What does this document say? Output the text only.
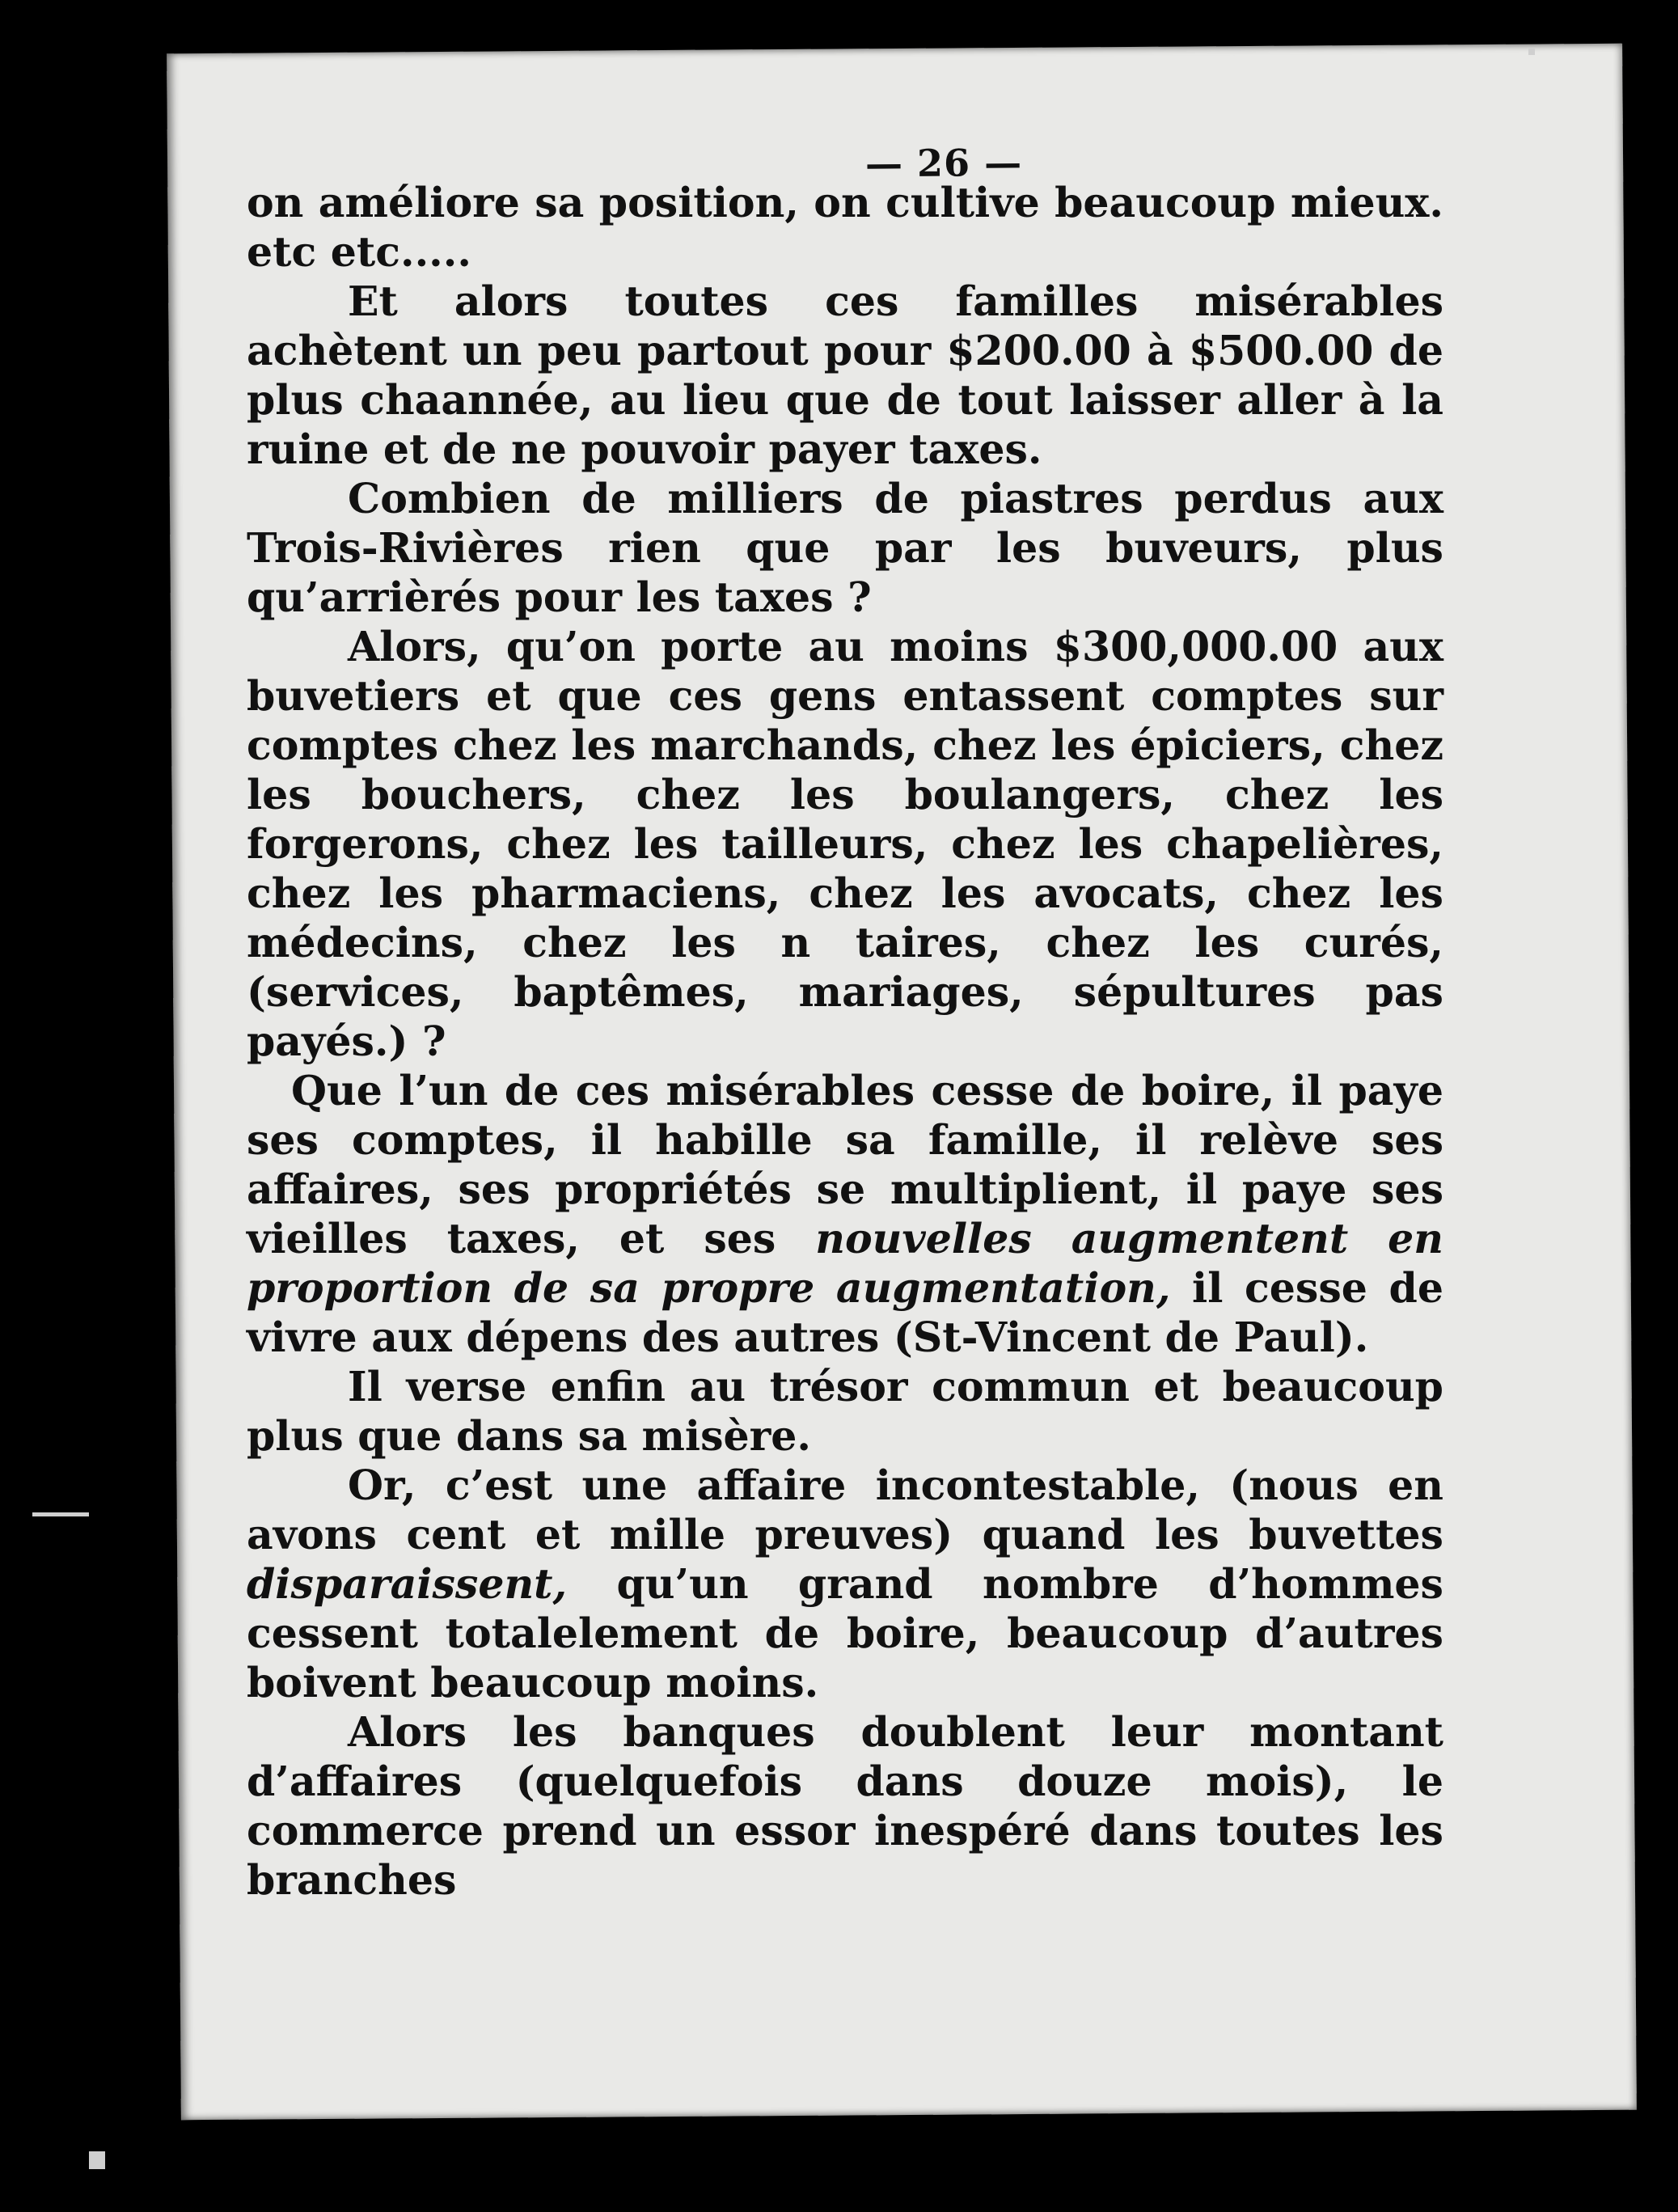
— 26 —

on améliore sa position, on cultive beaucoup mieux. etc etc.....

Et alors toutes ces familles misérables achètent un peu partout pour $200.00 à $500.00 de plus chaannée, au lieu que de tout laisser aller à la ruine et de ne pouvoir payer taxes.

Combien de milliers de piastres perdus aux Trois-Rivières rien que par les buveurs, plus qu’arrièrés pour les taxes ?

Alors, qu’on porte au moins $300,000.00 aux buvetiers et que ces gens entassent comptes sur comptes chez les marchands, chez les épiciers, chez les bouchers, chez les boulangers, chez les forgerons, chez les tailleurs, chez les chapelières, chez les pharmaciens, chez les avocats, chez les médecins, chez les n taires, chez les curés, (services, baptêmes, mariages, sépultures pas payés.) ?

Que l’un de ces misérables cesse de boire, il paye ses comptes, il habille sa famille, il relève ses affaires, ses propriétés se multiplient, il paye ses vieilles taxes, et ses nouvelles augmentent en proportion de sa propre augmentation, il cesse de vivre aux dépens des autres (St-Vincent de Paul).

Il verse enfin au trésor commun et beaucoup plus que dans sa misère.

Or, c’est une affaire incontestable, (nous en avons cent et mille preuves) quand les buvettes disparaissent, qu’un grand nombre d’hommes cessent totalelement de boire, beaucoup d’autres boivent beaucoup moins.

Alors les banques doublent leur montant d’affaires (quelquefois dans douze mois), le commerce prend un essor inespéré dans toutes les branches
